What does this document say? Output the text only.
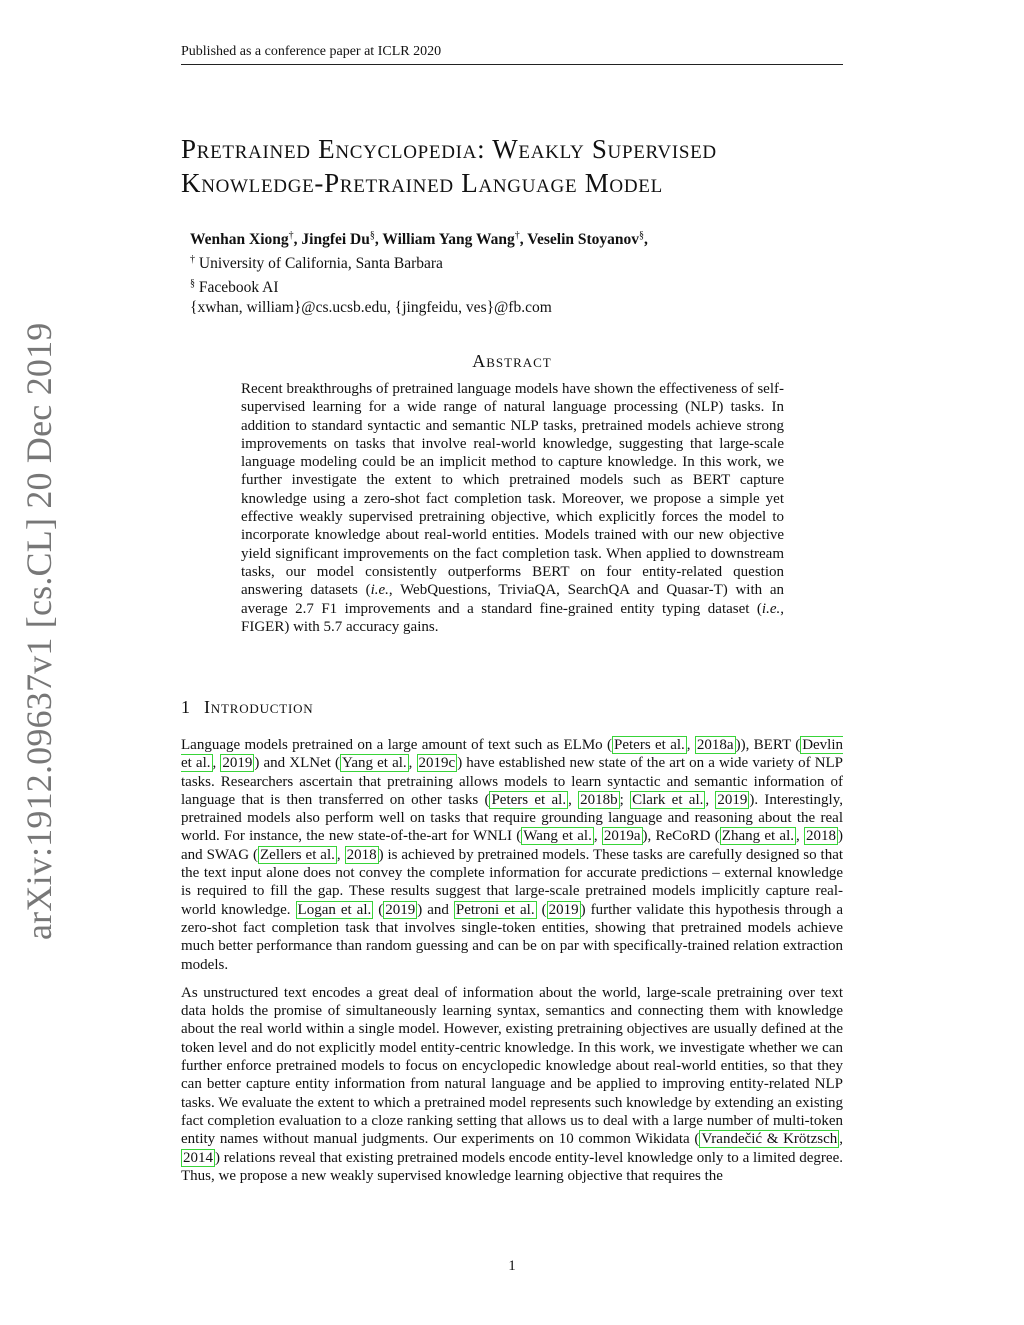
Published as a conference paper at ICLR 2020
arXiv:1912.09637v1 [cs.CL] 20 Dec 2019
Pretrained Encyclopedia: Weakly Supervised
Knowledge-Pretrained Language Model
Wenhan Xiong†, Jingfei Du§, William Yang Wang†, Veselin Stoyanov§,
† University of California, Santa Barbara
§ Facebook AI
{xwhan, william}@cs.ucsb.edu, {jingfeidu, ves}@fb.com
Abstract
Recent breakthroughs of pretrained language models have shown the effectiveness of self-supervised learning for a wide range of natural language processing (NLP) tasks. In addition to standard syntactic and semantic NLP tasks, pretrained models achieve strong improvements on tasks that involve real-world knowledge, suggesting that large-scale language modeling could be an implicit method to capture knowledge. In this work, we further investigate the extent to which pretrained models such as BERT capture knowledge using a zero-shot fact completion task. Moreover, we propose a simple yet effective weakly supervised pretraining objective, which explicitly forces the model to incorporate knowledge about real-world entities. Models trained with our new objective yield significant improvements on the fact completion task. When applied to downstream tasks, our model consistently outperforms BERT on four entity-related question answering datasets (i.e., WebQuestions, TriviaQA, SearchQA and Quasar-T) with an average 2.7 F1 improvements and a standard fine-grained entity typing dataset (i.e., FIGER) with 5.7 accuracy gains.
1 Introduction

Language models pretrained on a large amount of text such as ELMo ( Peters et al. , 2018a )), BERT ( Devlin et al. , 2019 ) and XLNet ( Yang et al. , 2019c ) have established new state of the art on a wide variety of NLP tasks. Researchers ascertain that pretraining allows models to learn syntactic and semantic information of language that is then transferred on other tasks ( Peters et al. , 2018b ; Clark et al. , 2019 ). Interestingly, pretrained models also perform well on tasks that require grounding language and reasoning about the real world. For instance, the new state-of-the-art for WNLI ( Wang et al. , 2019a ), ReCoRD ( Zhang et al. , 2018 ) and SWAG ( Zellers et al. , 2018 ) is achieved by pretrained models. These tasks are carefully designed so that the text input alone does not convey the complete information for accurate predictions – external knowledge is required to fill the gap. These results suggest that large-scale pretrained models implicitly capture real-world knowledge. Logan et al. ( 2019 ) and Petroni et al. ( 2019 ) further validate this hypothesis through a zero-shot fact completion task that involves single-token entities, showing that pretrained models achieve much better performance than random guessing and can be on par with specifically-trained relation extraction models.

As unstructured text encodes a great deal of information about the world, large-scale pretraining over text data holds the promise of simultaneously learning syntax, semantics and connecting them with knowledge about the real world within a single model. However, existing pretraining objectives are usually defined at the token level and do not explicitly model entity-centric knowledge. In this work, we investigate whether we can further enforce pretrained models to focus on encyclopedic knowledge about real-world entities, so that they can better capture entity information from natural language and be applied to improving entity-related NLP tasks. We evaluate the extent to which a pretrained model represents such knowledge by extending an existing fact completion evaluation to a cloze ranking setting that allows us to deal with a large number of multi-token entity names without manual judgments. Our experiments on 10 common Wikidata ( Vrandečić & Krötzsch , 2014 ) relations reveal that existing pretrained models encode entity-level knowledge only to a limited degree. Thus, we propose a new weakly supervised knowledge learning objective that requires the

1
